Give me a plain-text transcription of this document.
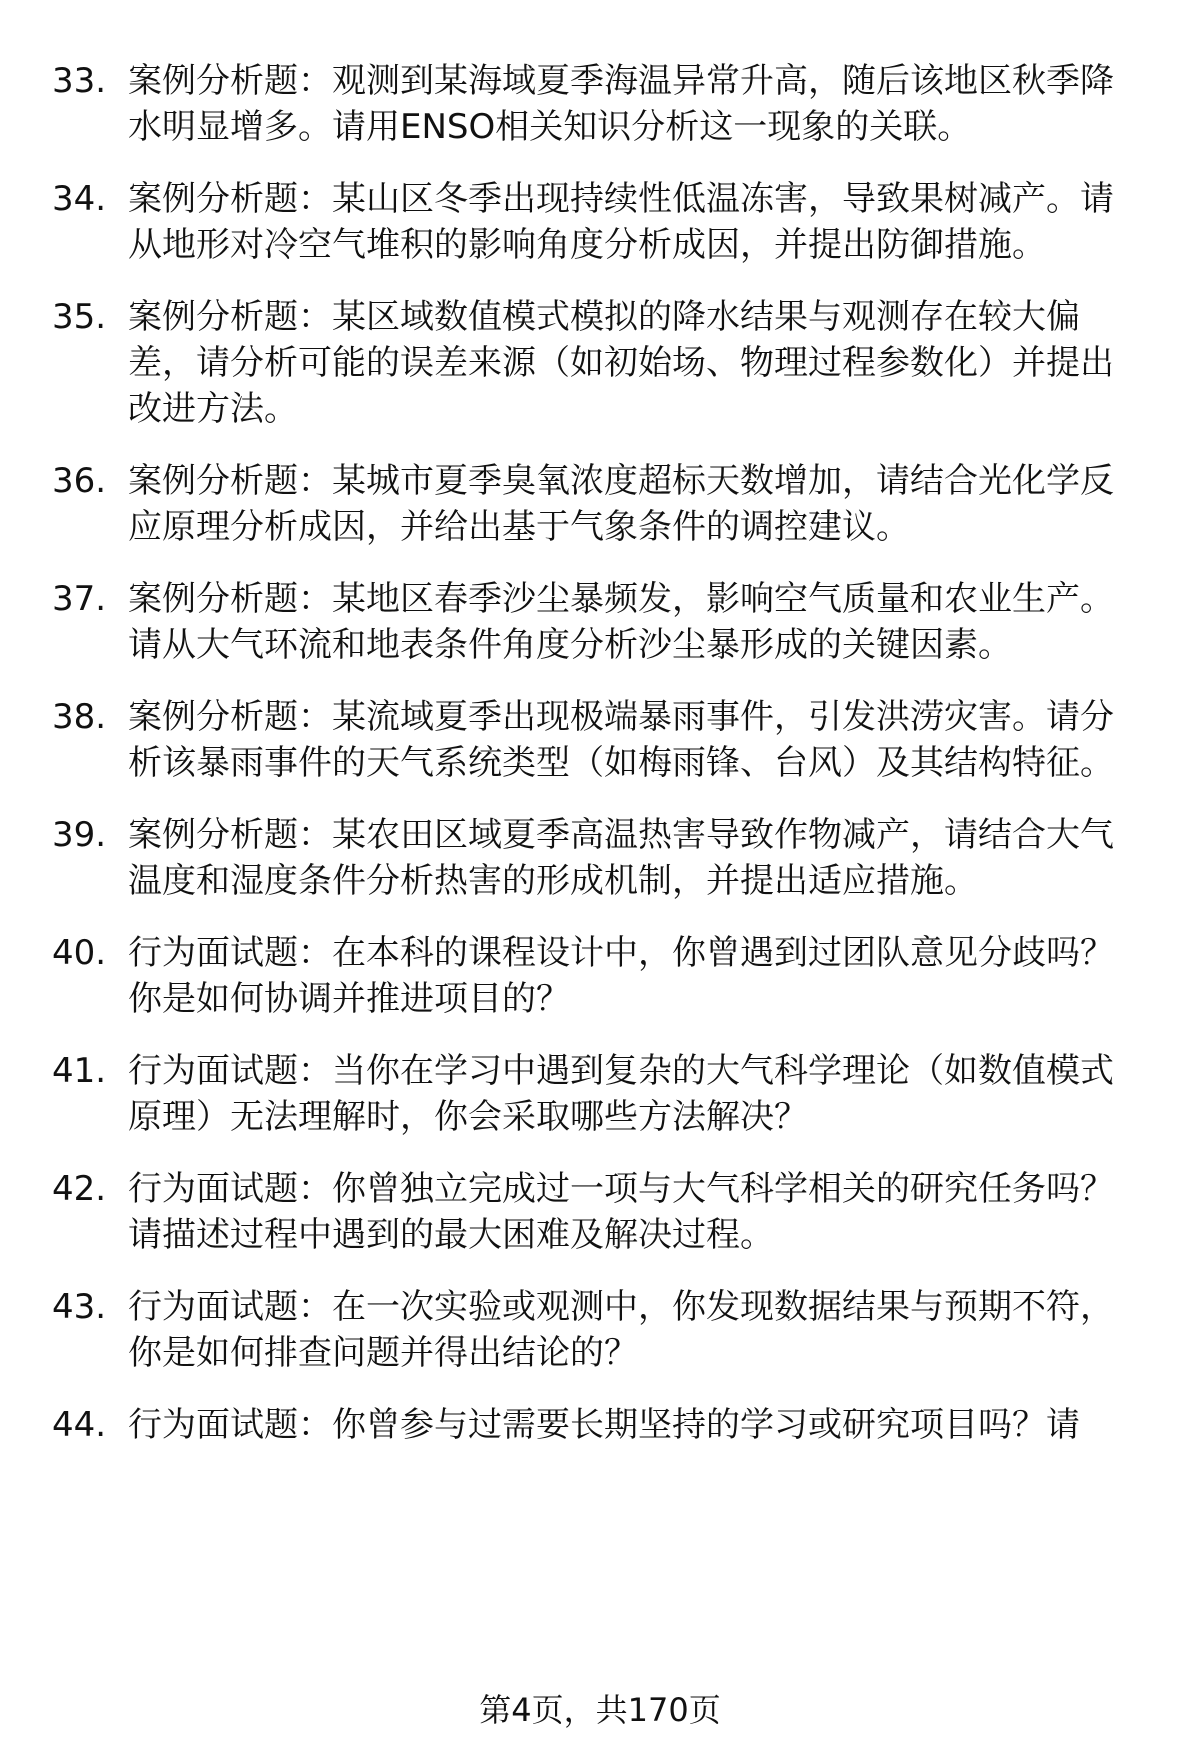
33. 案例分析题：观测到某海域夏季海温异常升高，随后该地区秋季降水明显增多。请用ENSO相关知识分析这一现象的关联。
34. 案例分析题：某山区冬季出现持续性低温冻害，导致果树减产。请从地形对冷空气堆积的影响角度分析成因，并提出防御措施。
35. 案例分析题：某区域数值模式模拟的降水结果与观测存在较大偏差，请分析可能的误差来源（如初始场、物理过程参数化）并提出改进方法。
36. 案例分析题：某城市夏季臭氧浓度超标天数增加，请结合光化学反应原理分析成因，并给出基于气象条件的调控建议。
37. 案例分析题：某地区春季沙尘暴频发，影响空气质量和农业生产。请从大气环流和地表条件角度分析沙尘暴形成的关键因素。
38. 案例分析题：某流域夏季出现极端暴雨事件，引发洪涝灾害。请分析该暴雨事件的天气系统类型（如梅雨锋、台风）及其结构特征。
39. 案例分析题：某农田区域夏季高温热害导致作物减产，请结合大气温度和湿度条件分析热害的形成机制，并提出适应措施。
40. 行为面试题：在本科的课程设计中，你曾遇到过团队意见分歧吗？你是如何协调并推进项目的？
41. 行为面试题：当你在学习中遇到复杂的大气科学理论（如数值模式原理）无法理解时，你会采取哪些方法解决？
42. 行为面试题：你曾独立完成过一项与大气科学相关的研究任务吗？请描述过程中遇到的最大困难及解决过程。
43. 行为面试题：在一次实验或观测中，你发现数据结果与预期不符，你是如何排查问题并得出结论的？
44. 行为面试题：你曾参与过需要长期坚持的学习或研究项目吗？请
第4页，共170页
